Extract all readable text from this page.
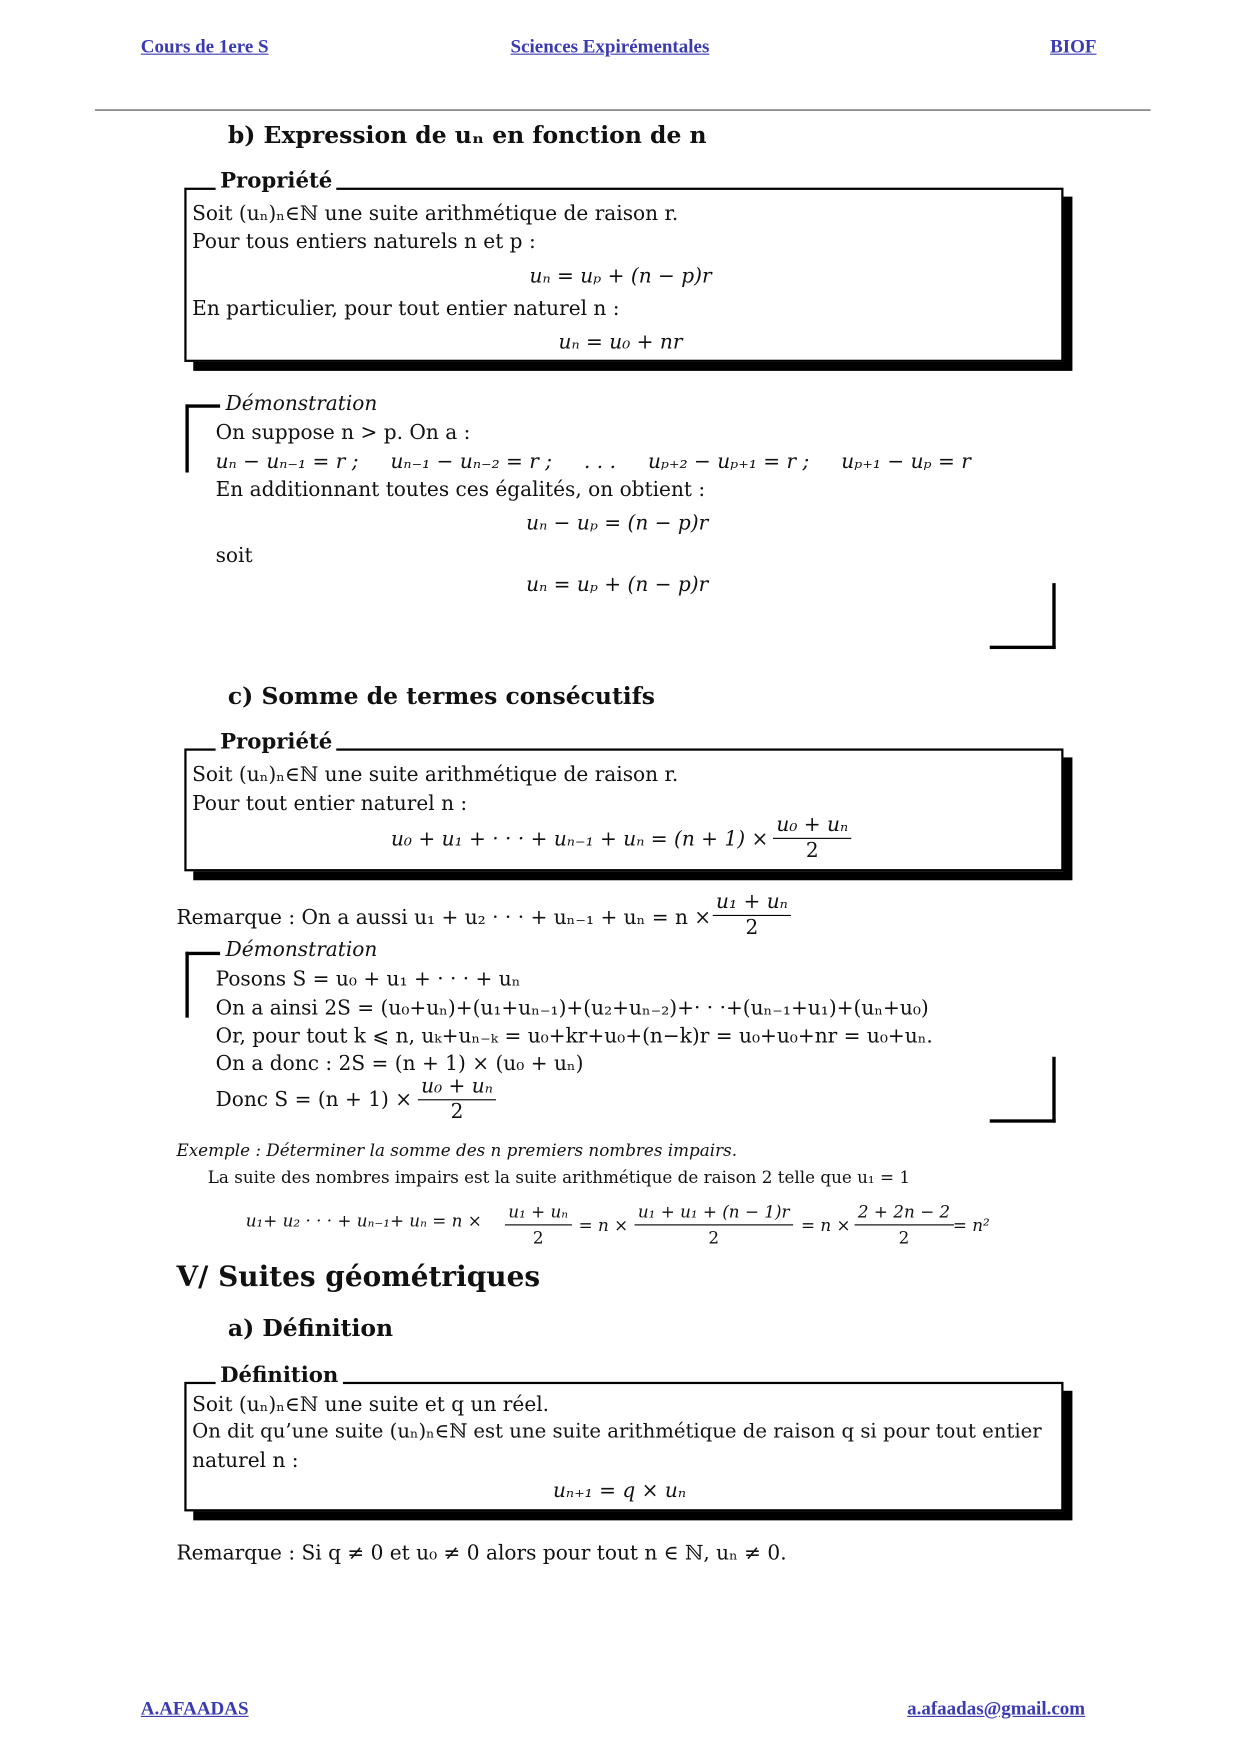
Cours de 1ere S	Sciences Expirémentales	BIOF
b) Expression de uₙ en fonction de n
Propriété
Soit (uₙ)ₙ∈ℕ une suite arithmétique de raison r.
Pour tous entiers naturels n et p :
uₙ = uₚ + (n − p)r
En particulier, pour tout entier naturel n :
uₙ = u₀ + nr
Démonstration
On suppose n > p. On a :
uₙ − uₙ₋₁ = r ;     uₙ₋₁ − uₙ₋₂ = r ;     . . .     uₚ₊₂ − uₚ₊₁ = r ;     uₚ₊₁ − uₚ = r
En additionnant toutes ces égalités, on obtient :
uₙ − uₚ = (n − p)r
soit
uₙ = uₚ + (n − p)r
c) Somme de termes consécutifs
Propriété
Soit (uₙ)ₙ∈ℕ une suite arithmétique de raison r.
Pour tout entier naturel n :
u₀ + u₁ + · · · + $u_{n-1} + u_n = (n + 1) \times \frac{\text{u₀ + uₙ}}{2}$
Remarque : On a aussi u₁ + u₂ · · · + $u_{n-1} + u_n = n \times \frac{\text{u₁ + uₙ}}{2}$
Démonstration
Posons S = u₀ + u₁ + · · · + uₙ
On a ainsi 2S = (u₀+uₙ)+(u₁+uₙ₋₁)+(u₂+uₙ₋₂)+· · ·+(uₙ₋₁+u₁)+(uₙ+u₀)
Or, pour tout k ⩽ n, uₖ+uₙ₋ₖ = u₀+kr+u₀+(n−k)r = u₀+u₀+nr = u₀+uₙ.
On a donc : 2S = (n + 1) × (u₀ + uₙ)
Donc $S = (n + 1) \times \frac{\text{u₀ + uₙ}}{2}$
Exemple : Déterminer la somme des n premiers nombres impairs.
La suite des nombres impairs est la suite arithmétique de raison 2 telle que u₁ = 1
u₁+ u₂ · · · + $u_{n-1}+ u_n = n \times \frac{\text{u₁ + uₙ}}{2} = n \times \frac{\text{u₁ + u₁ + (n − 1)r}}{2} = n \times \frac{2 + 2n - 2}{2} = n^2$
V/ Suites géométriques
a) Définition
Définition
Soit (uₙ)ₙ∈ℕ une suite et q un réel.
On dit qu’une suite (uₙ)ₙ∈ℕ est une suite arithmétique de raison q si pour tout entier
naturel n :
uₙ₊₁ = q × uₙ
Remarque : Si q ≠ 0 et u₀ ≠ 0 alors pour tout n ∈ ℕ, uₙ ≠ 0.
A.AFAADAS	a.afaadas@gmail.com
